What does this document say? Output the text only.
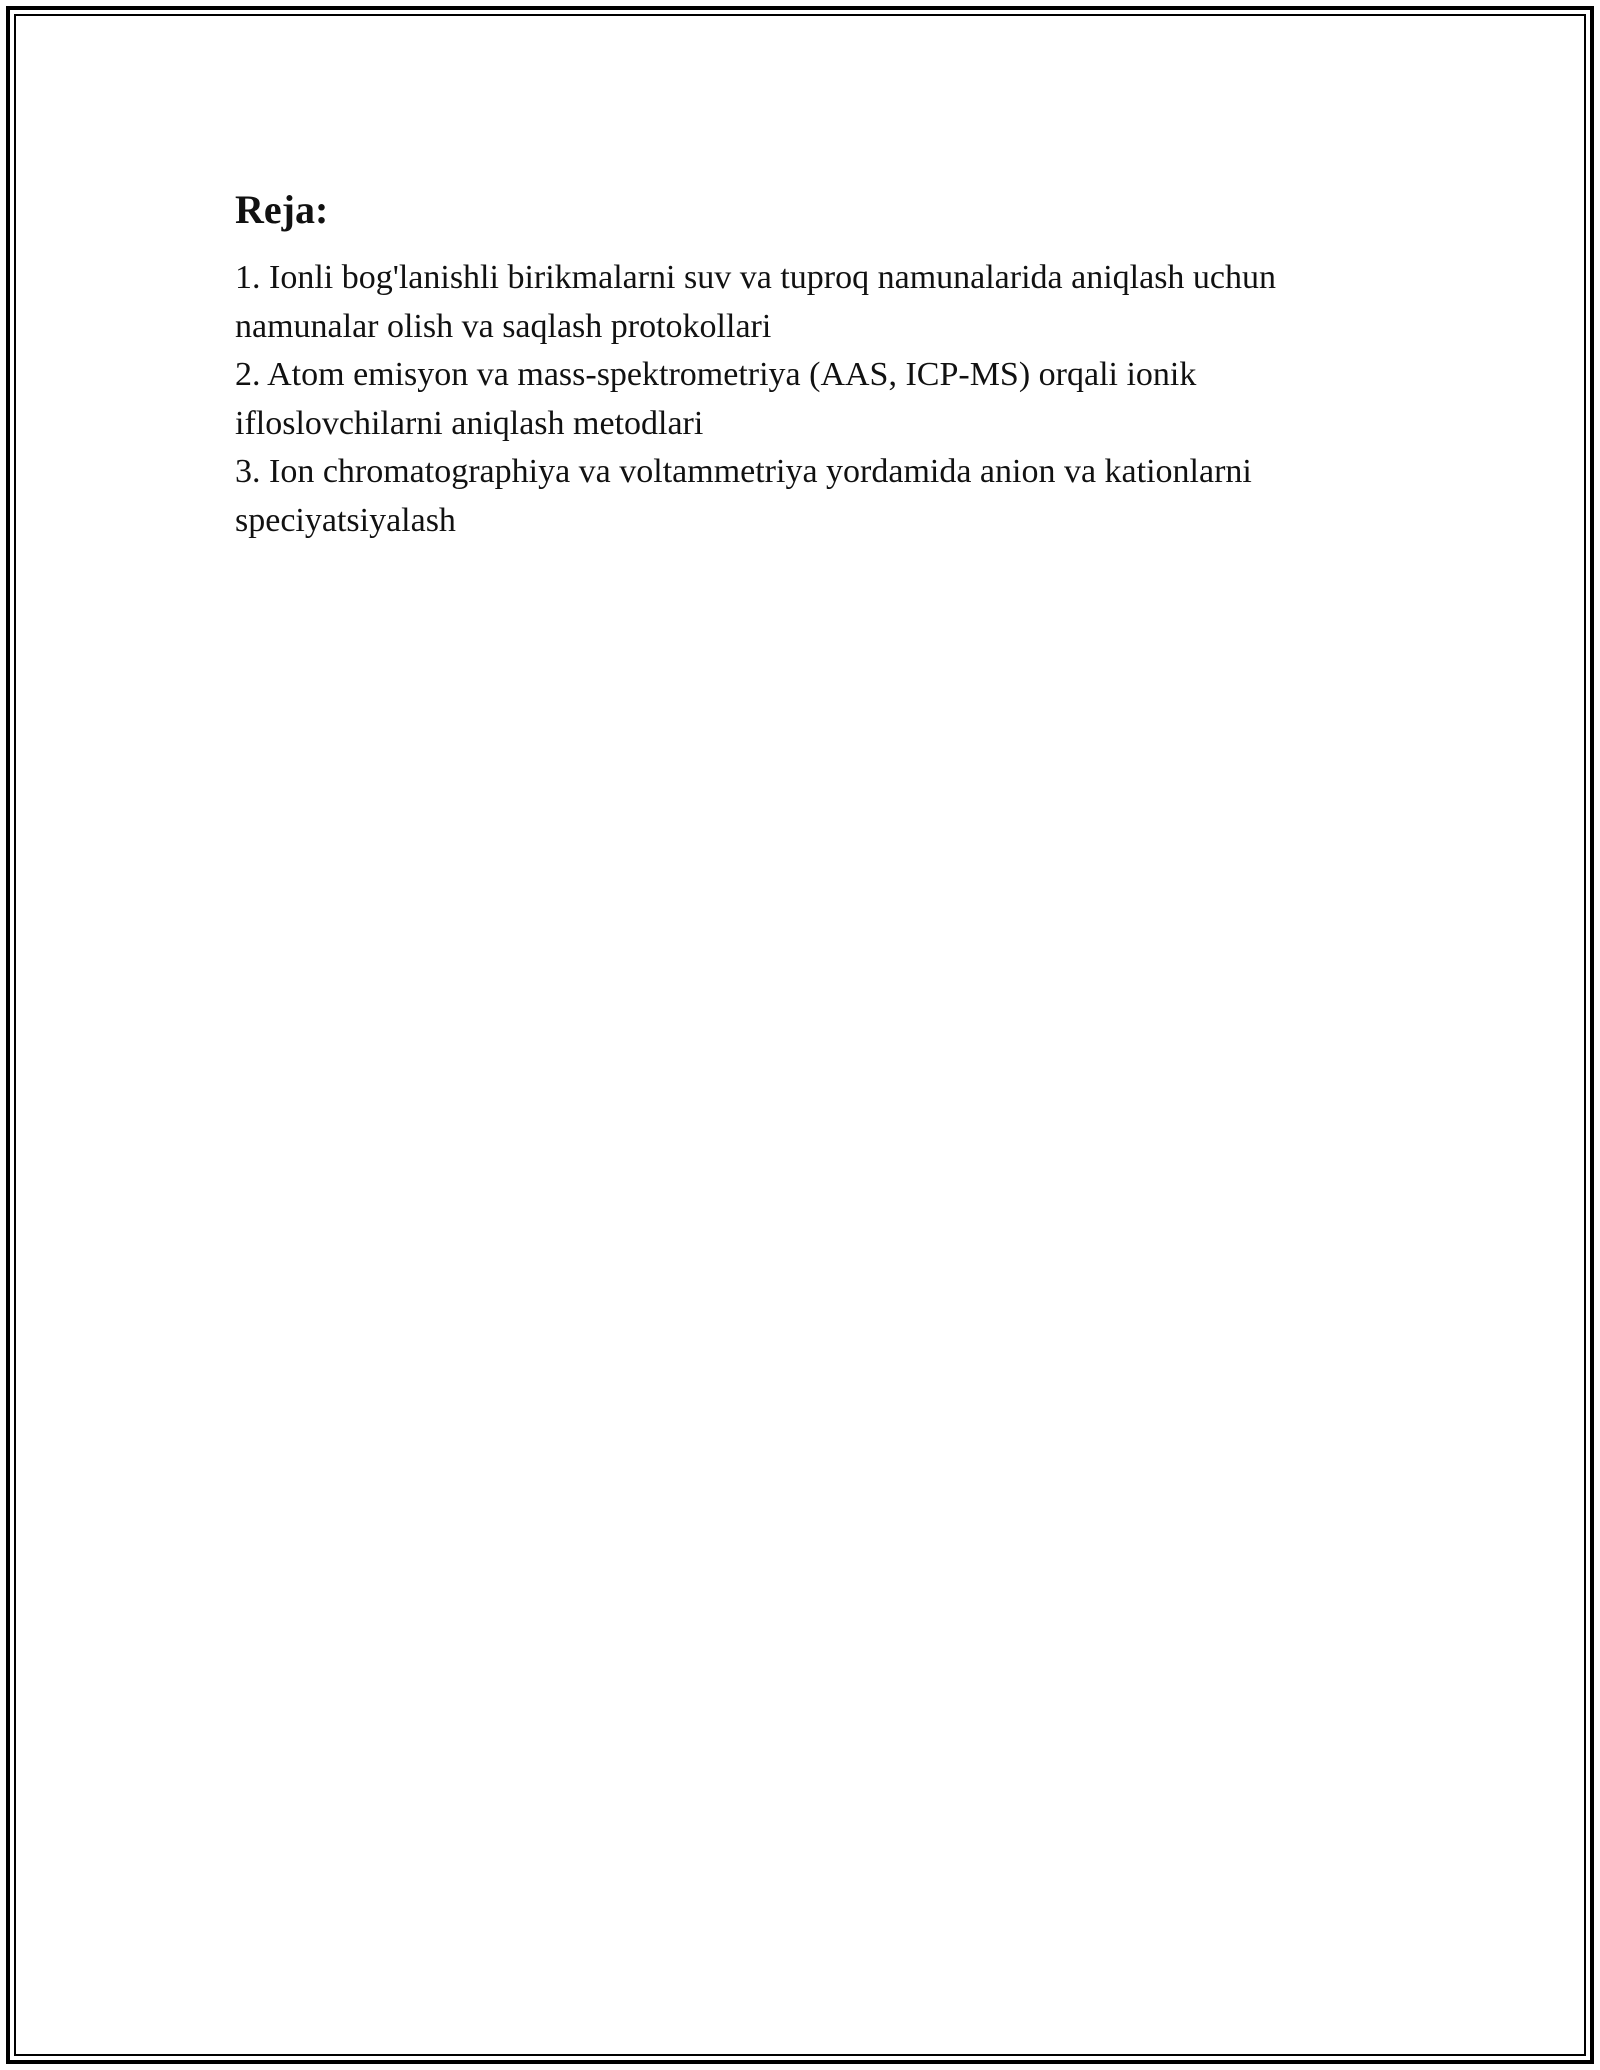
Reja:
1. Ionli bog'lanishli birikmalarni suv va tuproq namunalarida aniqlash uchun namunalar olish va saqlash protokollari
2. Atom emisyon va mass-spektrometriya (AAS, ICP-MS) orqali ionik ifloslovchilarni aniqlash metodlari
3. Ion chromatographiya va voltammetriya yordamida anion va kationlarni speciyatsiyalash
